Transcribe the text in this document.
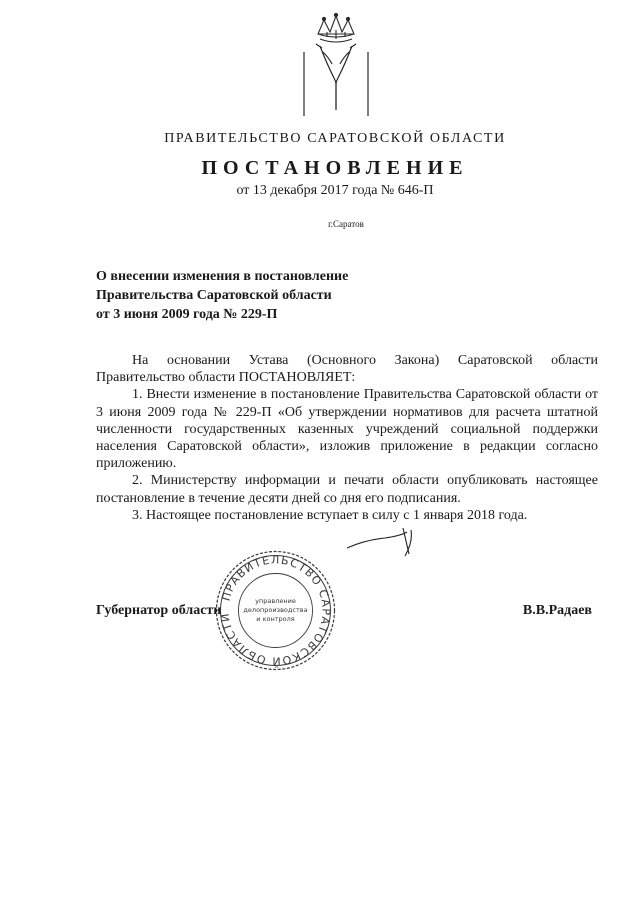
ПРАВИТЕЛЬСТВО САРАТОВСКОЙ ОБЛАСТИ
ПОСТАНОВЛЕНИЕ
от 13 декабря 2017 года № 646-П
г.Саратов
О внесении изменения в постановление
Правительства Саратовской области
от 3 июня 2009 года № 229-П

На основании Устава (Основного Закона) Саратовской области Правительство области ПОСТАНОВЛЯЕТ:

1. Внести изменение в постановление Правительства Саратовской области от 3 июня 2009 года № 229-П «Об утверждении нормативов для расчета штатной численности государственных казенных учреждений социальной поддержки населения Саратовской области», изложив приложение в редакции согласно приложению.

2. Министерству информации и печати области опубликовать настоящее постановление в течение десяти дней со дня его подписания.

3. Настоящее постановление вступает в силу с 1 января 2018 года.

ПРАВИТЕЛЬСТВО САРАТОВСКОЙ ОБЛАСТИ
управление
делопроизводства
и контроля
Губернатор области	В.В.Радаев
